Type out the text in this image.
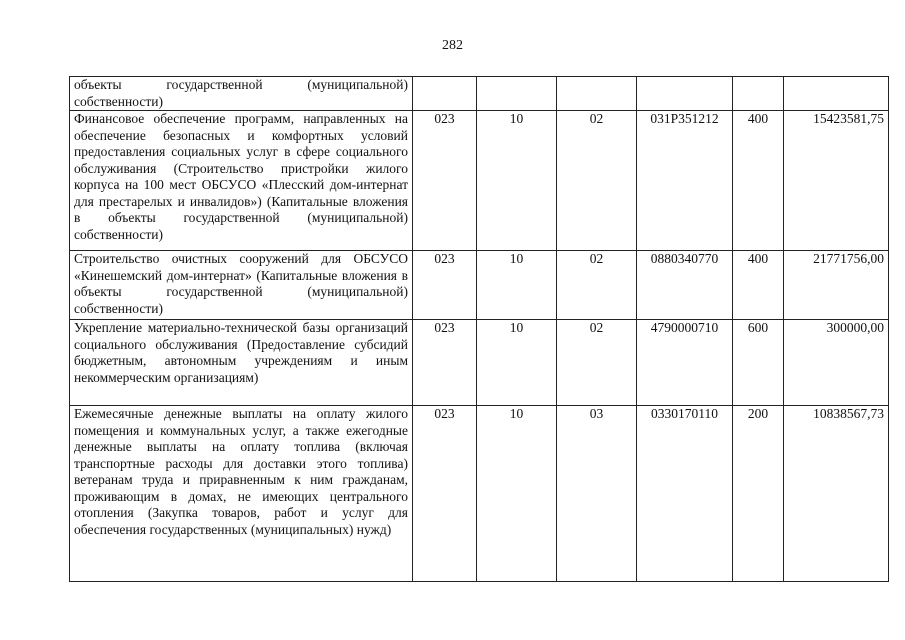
282
объекты государственной (муниципальной) собственности)						
Финансовое обеспечение программ, направленных на обеспечение безопасных и комфортных условий предоставления социальных услуг в сфере социального обслуживания (Строительство пристройки жилого корпуса на 100 мест ОБСУСО «Плесский дом-интернат для престарелых и инвалидов») (Капитальные вложения в объекты государственной (муниципальной) собственности)	023	10	02	031P351212	400	15423581,75
Строительство очистных сооружений для ОБСУСО «Кинешемский дом-интернат» (Капитальные вложения в объекты государственной (муниципальной) собственности)	023	10	02	0880340770	400	21771756,00
Укрепление материально-технической базы организаций социального обслуживания (Предоставление субсидий бюджетным, автономным учреждениям и иным некоммерческим организациям)	023	10	02	4790000710	600	300000,00
Ежемесячные денежные выплаты на оплату жилого помещения и коммунальных услуг, а также ежегодные денежные выплаты на оплату топлива (включая транспортные расходы для доставки этого топлива) ветеранам труда и приравненным к ним гражданам, проживающим в домах, не имеющих центрального отопления (Закупка товаров, работ и услуг для обеспечения государственных (муниципальных) нужд)	023	10	03	0330170110	200	10838567,73
